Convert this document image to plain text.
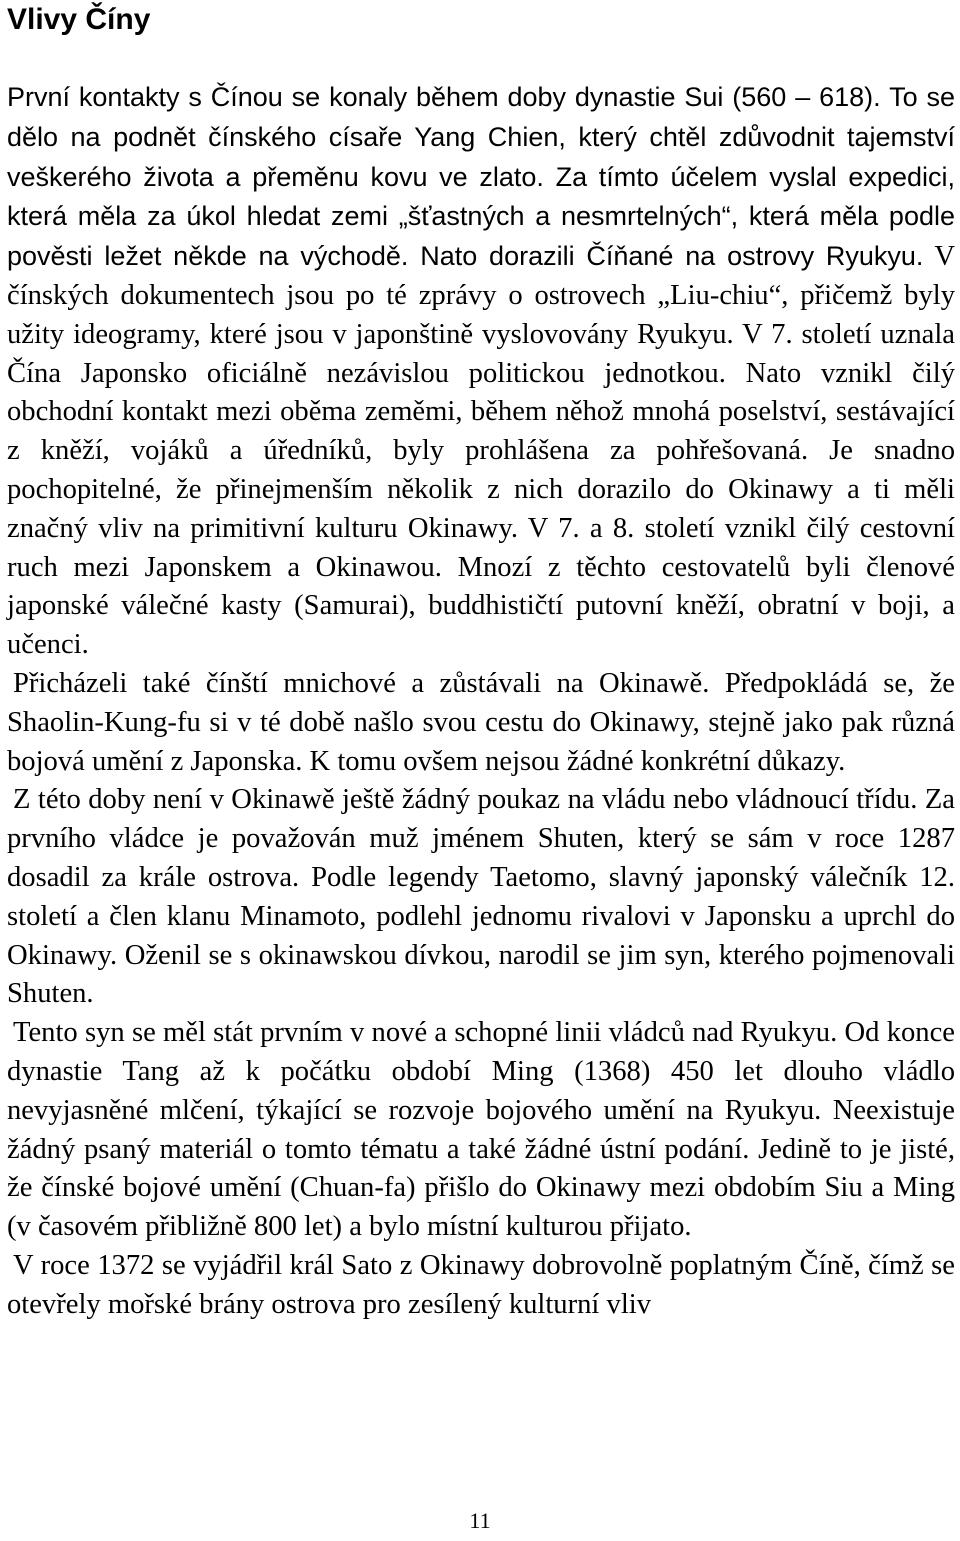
Vlivy Číny

První kontakty s Čínou se konaly během doby dynastie Sui (560 – 618). To se dělo na podnět čínského císaře Yang Chien, který chtěl zdůvodnit tajemství veškerého života a přeměnu kovu ve zlato. Za tímto účelem vyslal expedici, která měla za úkol hledat zemi „šťastných a nesmrtelných“, která měla podle pověsti ležet někde na východě. Nato dorazili Číňané na ostrovy Ryukyu. V čínských dokumentech jsou po té zprávy o ostrovech „Liu-chiu“, přičemž byly užity ideogramy, které jsou v japonštině vyslovovány Ryukyu. V 7. století uznala Čína Japonsko oficiálně nezávislou politickou jednotkou. Nato vznikl čilý obchodní kontakt mezi oběma zeměmi, během něhož mnohá poselství, sestávající z kněží, vojáků a úředníků, byly prohlášena za pohřešovaná. Je snadno pochopitelné, že přinejmenším několik z nich dorazilo do Okinawy a ti měli značný vliv na primitivní kulturu Okinawy. V 7. a 8. století vznikl čilý cestovní ruch mezi Japonskem a Okinawou. Mnozí z těchto cestovatelů byli členové japonské válečné kasty (Samurai), buddhističtí putovní kněží, obratní v boji, a učenci.

Přicházeli také čínští mnichové a zůstávali na Okinawě. Předpokládá se, že Shaolin-Kung-fu si v té době našlo svou cestu do Okinawy, stejně jako pak různá bojová umění z Japonska. K tomu ovšem nejsou žádné konkrétní důkazy.

Z této doby není v Okinawě ještě žádný poukaz na vládu nebo vládnoucí třídu. Za prvního vládce je považován muž jménem Shuten, který se sám v roce 1287 dosadil za krále ostrova. Podle legendy Taetomo, slavný japonský válečník 12. století a člen klanu Minamoto, podlehl jednomu rivalovi v Japonsku a uprchl do Okinawy. Oženil se s okinawskou dívkou, narodil se jim syn, kterého pojmenovali Shuten.

Tento syn se měl stát prvním v nové a schopné linii vládců nad Ryukyu. Od konce dynastie Tang až k počátku období Ming (1368) 450 let dlouho vládlo nevyjasněné mlčení, týkající se rozvoje bojového umění na Ryukyu. Neexistuje žádný psaný materiál o tomto tématu a také žádné ústní podání. Jedině to je jisté, že čínské bojové umění (Chuan-fa) přišlo do Okinawy mezi obdobím Siu a Ming (v časovém přibližně 800 let) a bylo místní kulturou přijato.

V roce 1372 se vyjádřil král Sato z Okinawy dobrovolně poplatným Číně, čímž se otevřely mořské brány ostrova pro zesílený kulturní vliv

11
